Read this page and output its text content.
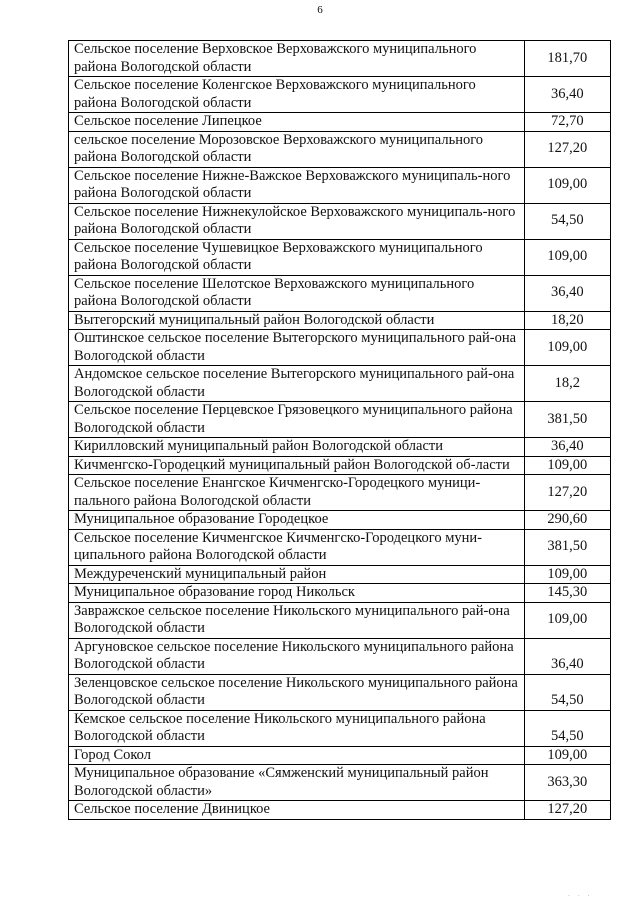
6
Сельское поселение Верховское Верховажского муниципального района Вологодской области	181,70
Сельское поселение Коленгское Верховажского муниципального района Вологодской области	36,40
Сельское поселение Липецкое	72,70
сельское поселение Морозовское Верховажского муниципального района Вологодской области	127,20
Сельское поселение Нижне-Важское Верховажского муниципаль-ного района Вологодской области	109,00
Сельское поселение Нижнекулойское Верховажского муниципаль-ного района Вологодской области	54,50
Сельское поселение Чушевицкое Верховажского муниципального района Вологодской области	109,00
Сельское поселение Шелотское Верховажского муниципального района Вологодской области	36,40
Вытегорский муниципальный район Вологодской области	18,20
Оштинское сельское поселение Вытегорского муниципального рай-она Вологодской области	109,00
Андомское сельское поселение Вытегорского муниципального рай-она Вологодской области	18,2
Сельское поселение Перцевское Грязовецкого муниципального района Вологодской области	381,50
Кирилловский муниципальный район Вологодской области	36,40
Кичменгско-Городецкий муниципальный район Вологодской об-ласти	109,00
Сельское поселение Енангское Кичменгско-Городецкого муници-пального района Вологодской области	127,20
Муниципальное образование Городецкое	290,60
Сельское поселение Кичменгское Кичменгско-Городецкого муни-ципального района Вологодской области	381,50
Междуреченский муниципальный район	109,00
Муниципальное образование город Никольск	145,30
Завражское сельское поселение Никольского муниципального рай-она Вологодской области	109,00
Аргуновское сельское поселение Никольского муниципального района Вологодской области	36,40
Зеленцовское сельское поселение Никольского муниципального района Вологодской области	54,50
Кемское сельское поселение Никольского муниципального района Вологодской области	54,50
Город Сокол	109,00
Муниципальное образование «Сямженский муниципальный район Вологодской области»	363,30
Сельское поселение Двиницкое	127,20
· · ·
